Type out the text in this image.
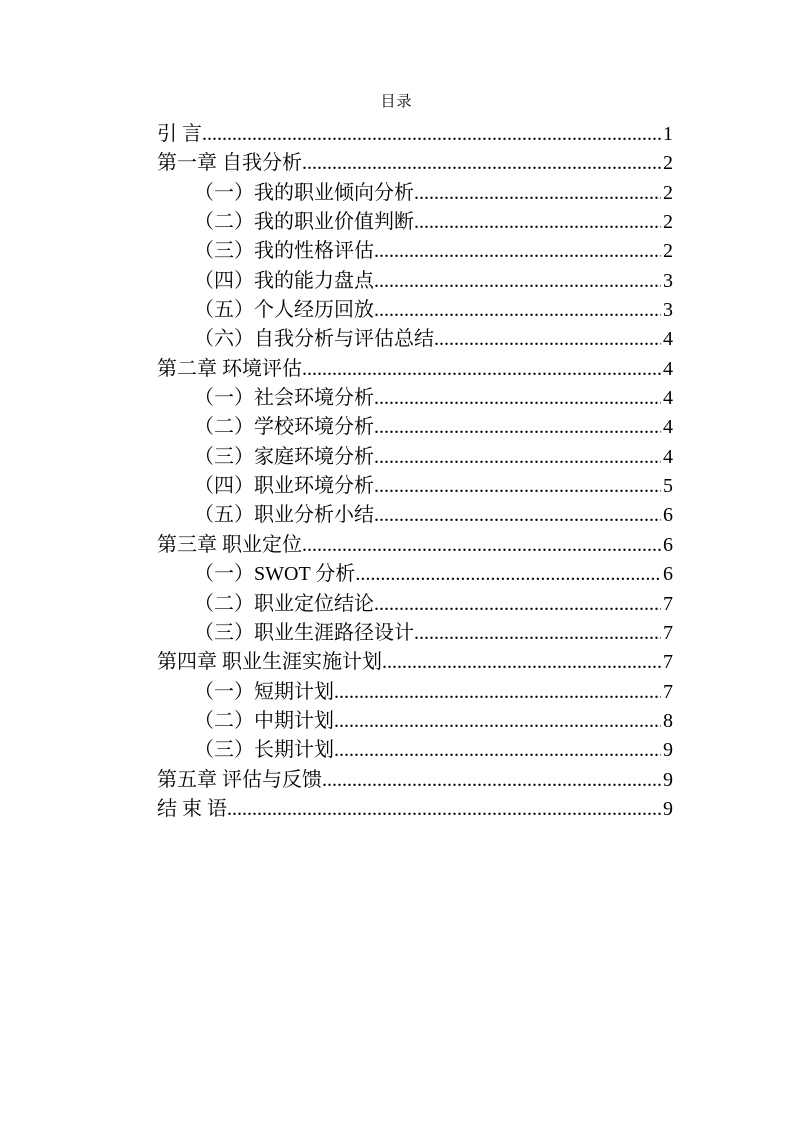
目录
引 言 .....	1
第一章 自我分析 .....	2
（一）我的职业倾向分析 .....	2
（二）我的职业价值判断 .....	2
（三）我的性格评估 .....	2
（四）我的能力盘点 .....	3
（五）个人经历回放 .....	3
（六）自我分析与评估总结 .....	4
第二章 环境评估 .....	4
（一）社会环境分析 .....	4
（二）学校环境分析 .....	4
（三）家庭环境分析 .....	4
（四）职业环境分析 .....	5
（五）职业分析小结 .....	6
第三章 职业定位 .....	6
（一）SWOT 分析 .....	6
（二）职业定位结论 .....	7
（三）职业生涯路径设计 .....	7
第四章 职业生涯实施计划 .....	7
（一）短期计划 .....	7
（二）中期计划 .....	8
（三）长期计划 .....	9
第五章 评估与反馈 .....	9
结 束 语 .....	9
